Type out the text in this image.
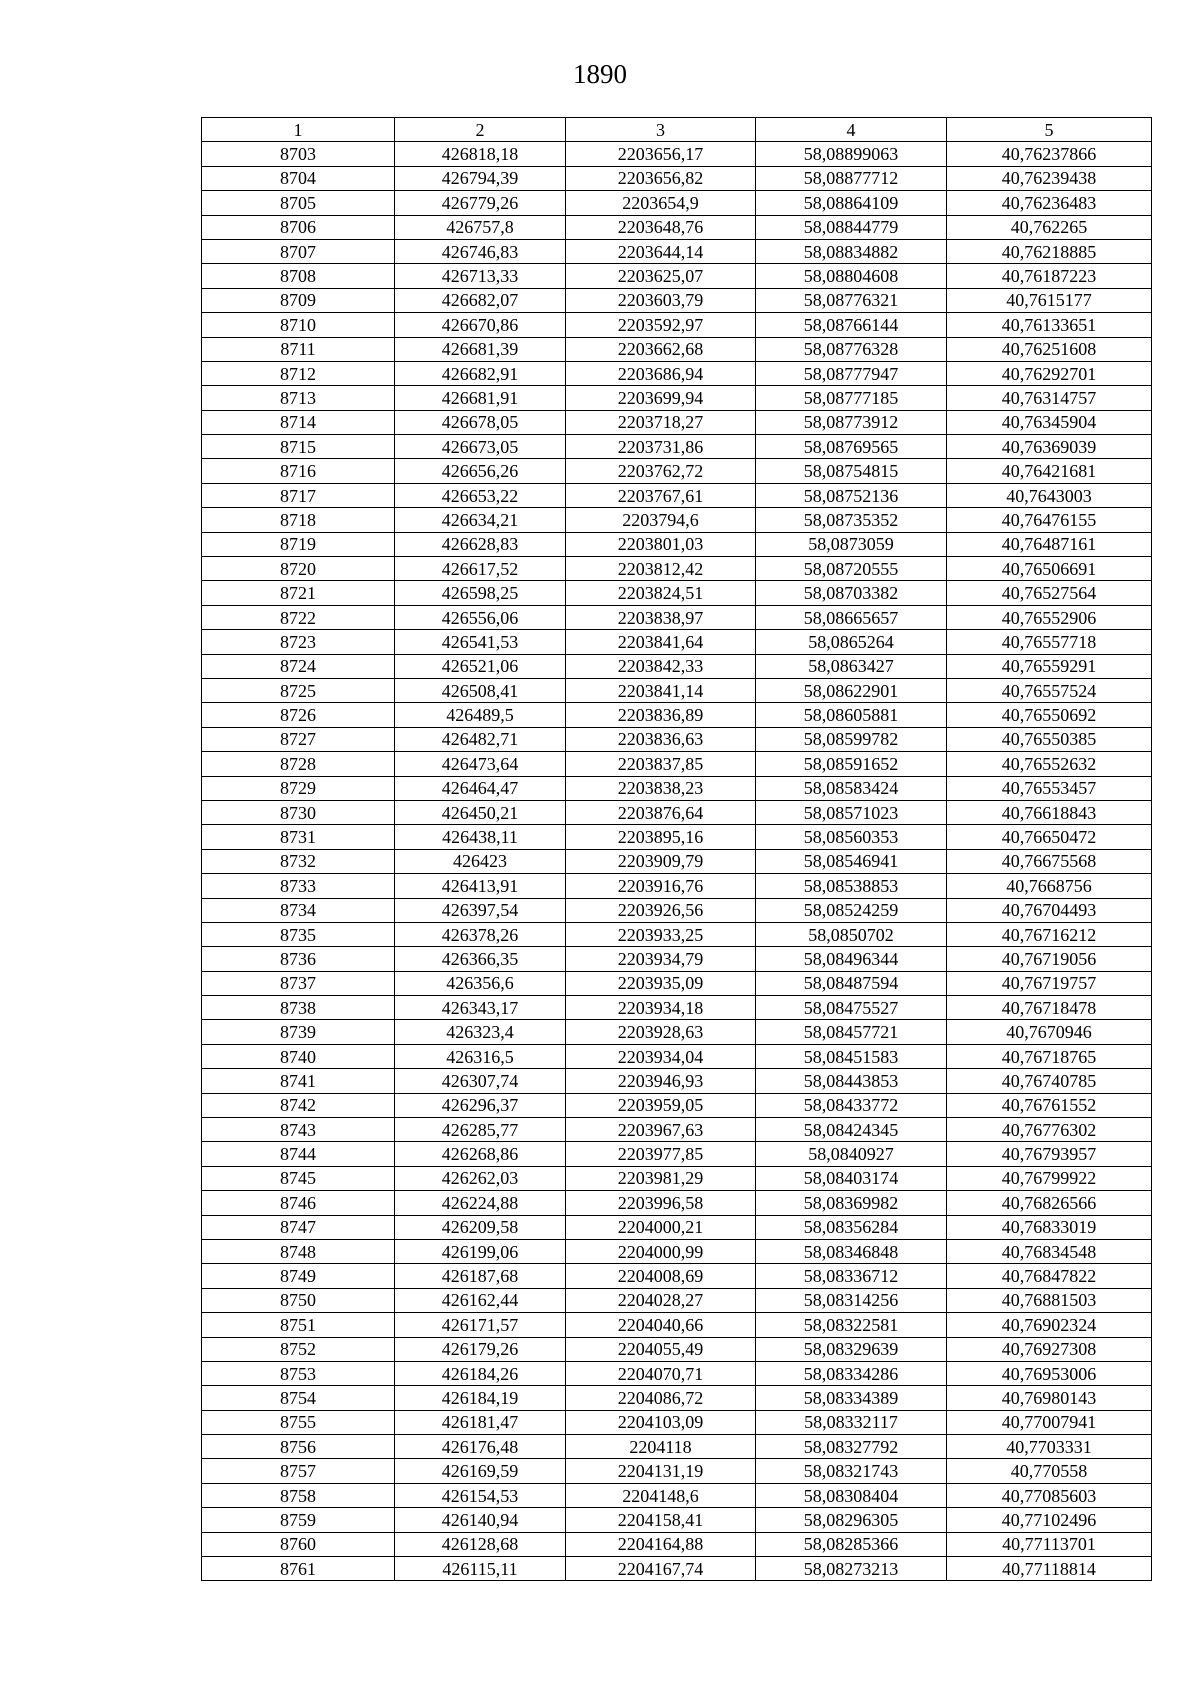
1890
1	2	3	4	5
8703	426818,18	2203656,17	58,08899063	40,76237866
8704	426794,39	2203656,82	58,08877712	40,76239438
8705	426779,26	2203654,9	58,08864109	40,76236483
8706	426757,8	2203648,76	58,08844779	40,762265
8707	426746,83	2203644,14	58,08834882	40,76218885
8708	426713,33	2203625,07	58,08804608	40,76187223
8709	426682,07	2203603,79	58,08776321	40,7615177
8710	426670,86	2203592,97	58,08766144	40,76133651
8711	426681,39	2203662,68	58,08776328	40,76251608
8712	426682,91	2203686,94	58,08777947	40,76292701
8713	426681,91	2203699,94	58,08777185	40,76314757
8714	426678,05	2203718,27	58,08773912	40,76345904
8715	426673,05	2203731,86	58,08769565	40,76369039
8716	426656,26	2203762,72	58,08754815	40,76421681
8717	426653,22	2203767,61	58,08752136	40,7643003
8718	426634,21	2203794,6	58,08735352	40,76476155
8719	426628,83	2203801,03	58,0873059	40,76487161
8720	426617,52	2203812,42	58,08720555	40,76506691
8721	426598,25	2203824,51	58,08703382	40,76527564
8722	426556,06	2203838,97	58,08665657	40,76552906
8723	426541,53	2203841,64	58,0865264	40,76557718
8724	426521,06	2203842,33	58,0863427	40,76559291
8725	426508,41	2203841,14	58,08622901	40,76557524
8726	426489,5	2203836,89	58,08605881	40,76550692
8727	426482,71	2203836,63	58,08599782	40,76550385
8728	426473,64	2203837,85	58,08591652	40,76552632
8729	426464,47	2203838,23	58,08583424	40,76553457
8730	426450,21	2203876,64	58,08571023	40,76618843
8731	426438,11	2203895,16	58,08560353	40,76650472
8732	426423	2203909,79	58,08546941	40,76675568
8733	426413,91	2203916,76	58,08538853	40,7668756
8734	426397,54	2203926,56	58,08524259	40,76704493
8735	426378,26	2203933,25	58,0850702	40,76716212
8736	426366,35	2203934,79	58,08496344	40,76719056
8737	426356,6	2203935,09	58,08487594	40,76719757
8738	426343,17	2203934,18	58,08475527	40,76718478
8739	426323,4	2203928,63	58,08457721	40,7670946
8740	426316,5	2203934,04	58,08451583	40,76718765
8741	426307,74	2203946,93	58,08443853	40,76740785
8742	426296,37	2203959,05	58,08433772	40,76761552
8743	426285,77	2203967,63	58,08424345	40,76776302
8744	426268,86	2203977,85	58,0840927	40,76793957
8745	426262,03	2203981,29	58,08403174	40,76799922
8746	426224,88	2203996,58	58,08369982	40,76826566
8747	426209,58	2204000,21	58,08356284	40,76833019
8748	426199,06	2204000,99	58,08346848	40,76834548
8749	426187,68	2204008,69	58,08336712	40,76847822
8750	426162,44	2204028,27	58,08314256	40,76881503
8751	426171,57	2204040,66	58,08322581	40,76902324
8752	426179,26	2204055,49	58,08329639	40,76927308
8753	426184,26	2204070,71	58,08334286	40,76953006
8754	426184,19	2204086,72	58,08334389	40,76980143
8755	426181,47	2204103,09	58,08332117	40,77007941
8756	426176,48	2204118	58,08327792	40,7703331
8757	426169,59	2204131,19	58,08321743	40,770558
8758	426154,53	2204148,6	58,08308404	40,77085603
8759	426140,94	2204158,41	58,08296305	40,77102496
8760	426128,68	2204164,88	58,08285366	40,77113701
8761	426115,11	2204167,74	58,08273213	40,77118814
